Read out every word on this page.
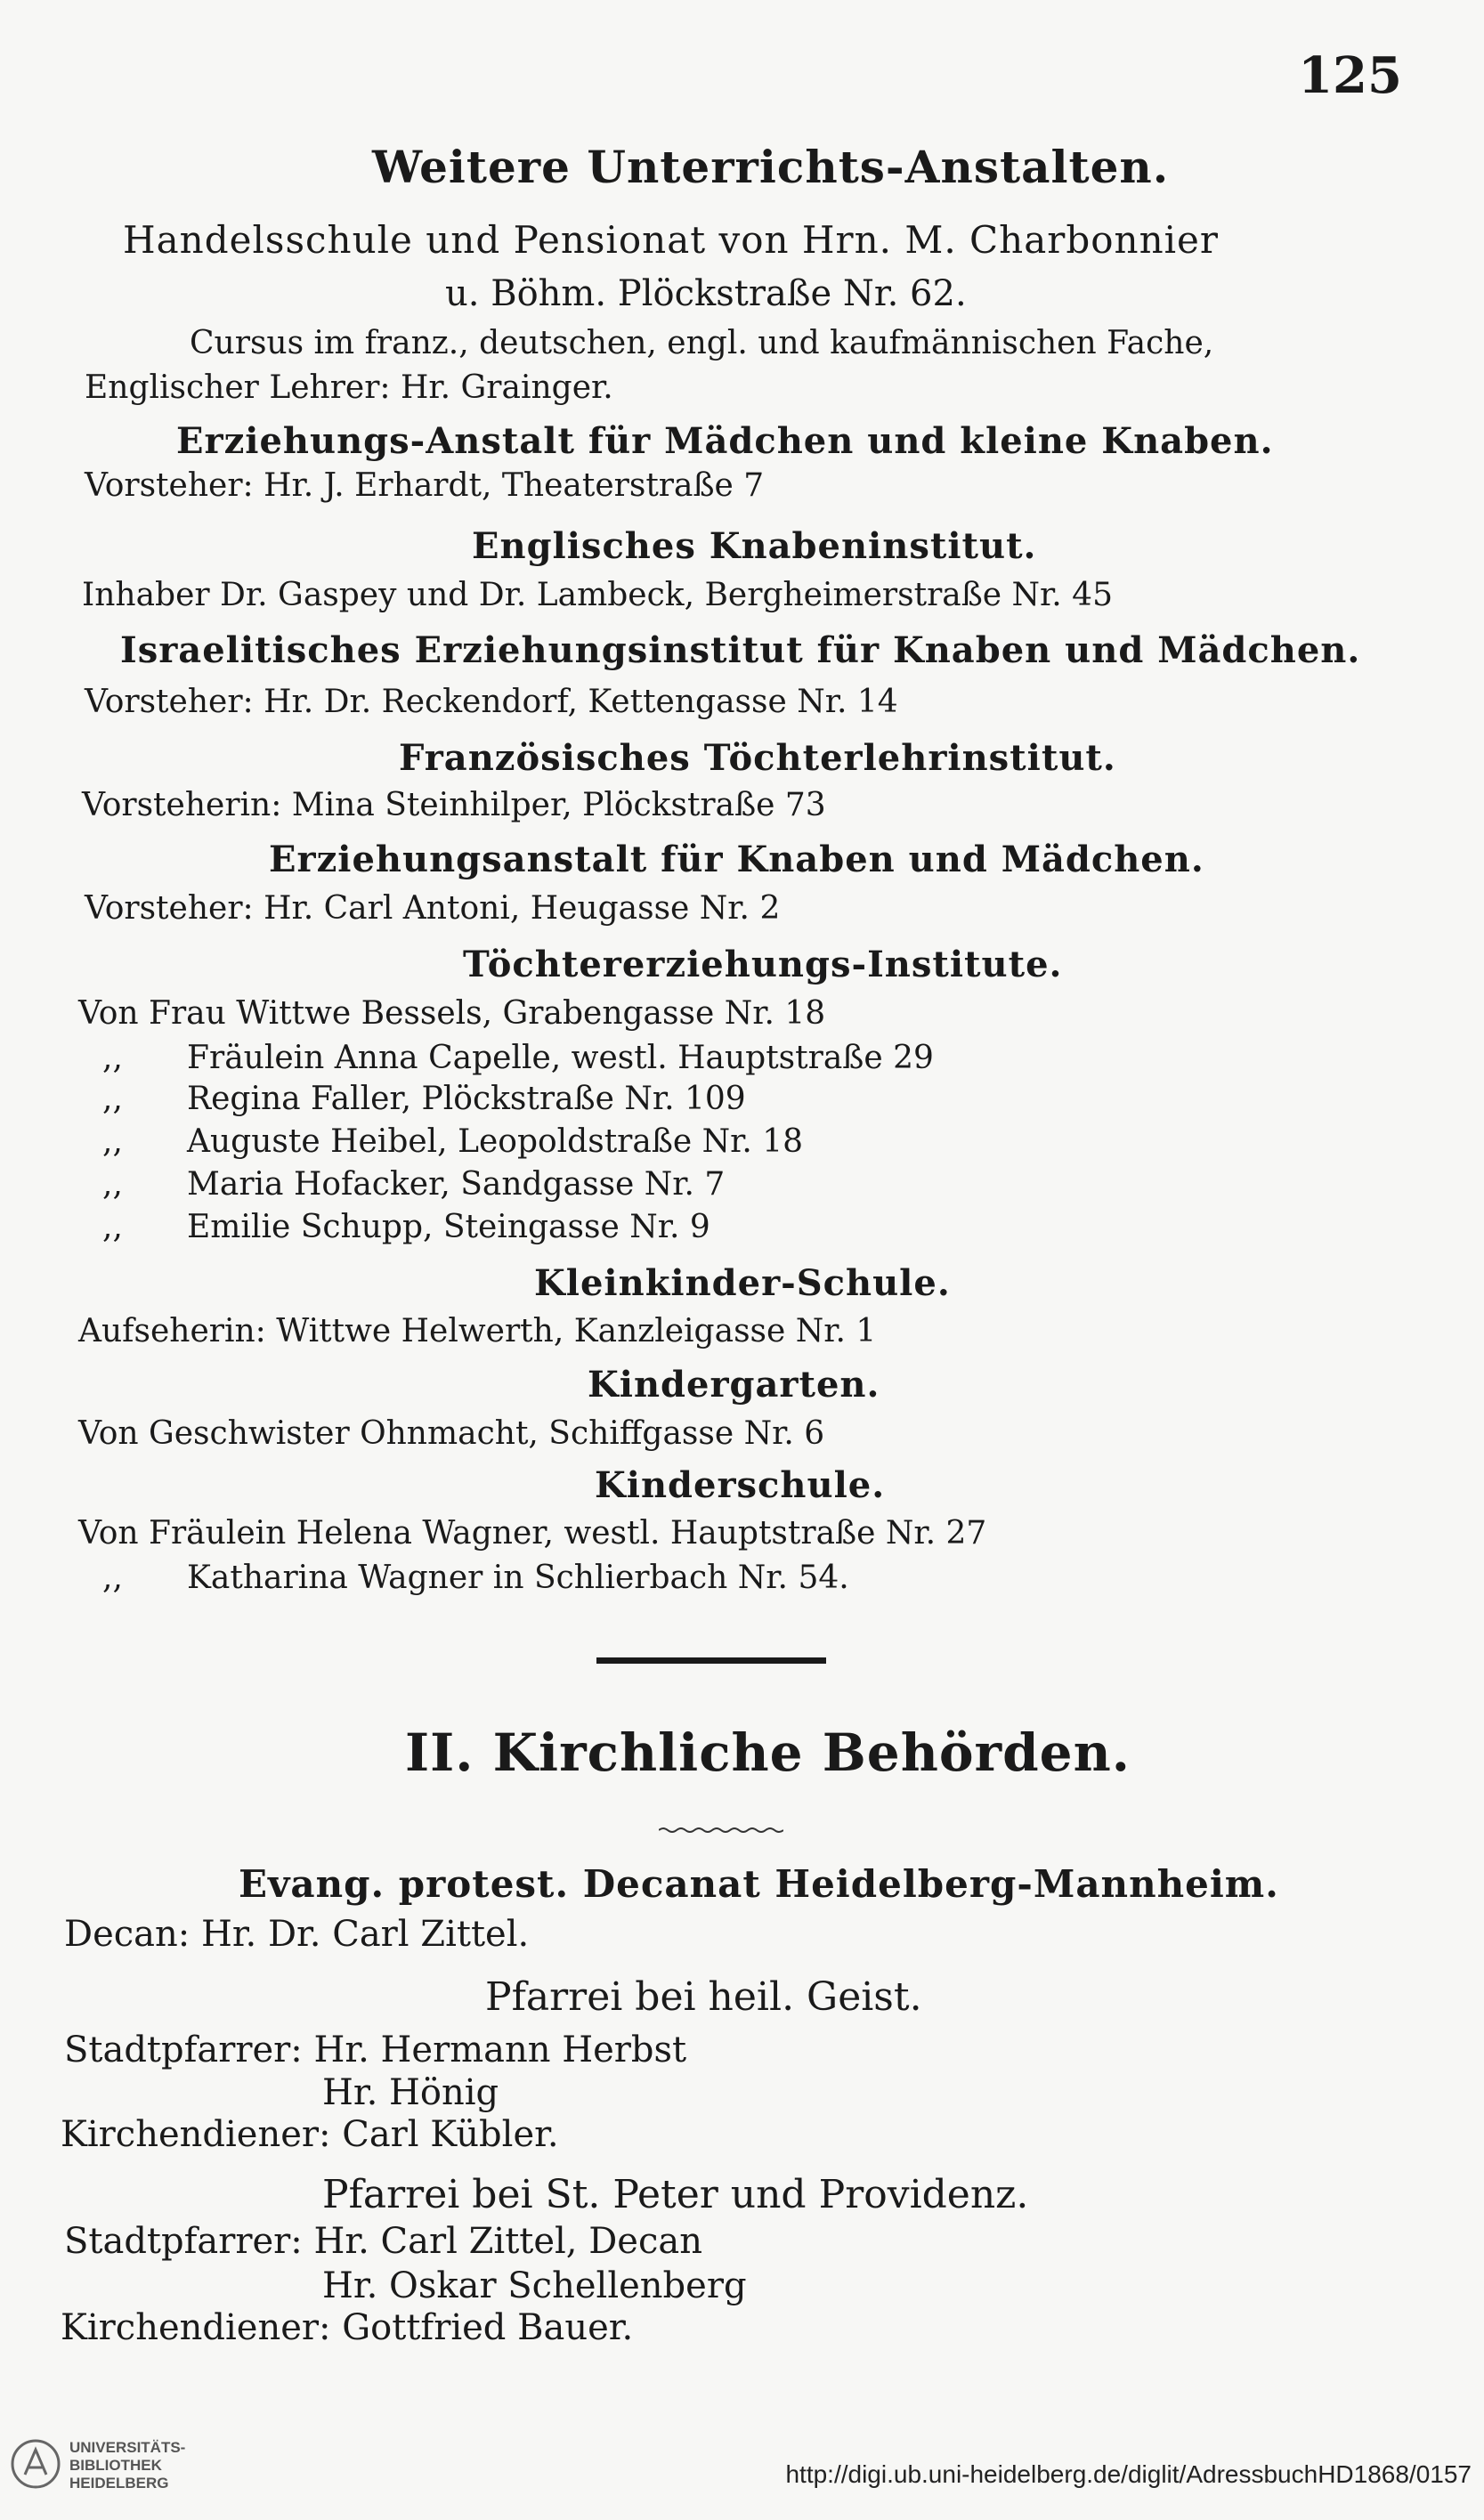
125
Weitere Unterrichts-Anstalten.
Handelsschule und Pensionat von Hrn. M. Charbonnier
u. Böhm. Plöckstraße Nr. 62.
Cursus im franz., deutschen, engl. und kaufmännischen Fache,
Englischer Lehrer: Hr. Grainger.
Erziehungs-Anstalt für Mädchen und kleine Knaben.
Vorsteher: Hr. J. Erhardt, Theaterstraße 7
Englisches Knabeninstitut.
Inhaber Dr. Gaspey und Dr. Lambeck, Bergheimerstraße Nr. 45
Israelitisches Erziehungsinstitut für Knaben und Mädchen.
Vorsteher: Hr. Dr. Reckendorf, Kettengasse Nr. 14
Französisches Töchterlehrinstitut.
Vorsteherin: Mina Steinhilper, Plöckstraße 73
Erziehungsanstalt für Knaben und Mädchen.
Vorsteher: Hr. Carl Antoni, Heugasse Nr. 2
Töchtererziehungs-Institute.
Von Frau Wittwe Bessels, Grabengasse Nr. 18
,, Fräulein Anna Capelle, westl. Hauptstraße 29
,, Regina Faller, Plöckstraße Nr. 109
,, Auguste Heibel, Leopoldstraße Nr. 18
,, Maria Hofacker, Sandgasse Nr. 7
,, Emilie Schupp, Steingasse Nr. 9
Kleinkinder-Schule.
Aufseherin: Wittwe Helwerth, Kanzleigasse Nr. 1
Kindergarten.
Von Geschwister Ohnmacht, Schiffgasse Nr. 6
Kinderschule.
Von Fräulein Helena Wagner, westl. Hauptstraße Nr. 27
,, Katharina Wagner in Schlierbach Nr. 54.
II. Kirchliche Behörden.
Evang. protest. Decanat Heidelberg-Mannheim.
Decan: Hr. Dr. Carl Zittel.
Pfarrei bei heil. Geist.
Stadtpfarrer: Hr. Hermann Herbst
Hr. Hönig
Kirchendiener: Carl Kübler.
Pfarrei bei St. Peter und Providenz.
Stadtpfarrer: Hr. Carl Zittel, Decan
Hr. Oskar Schellenberg
Kirchendiener: Gottfried Bauer.
UNIVERSITÄTS-
BIBLIOTHEK
HEIDELBERG	http://digi.ub.uni-heidelberg.de/diglit/AdressbuchHD1868/0157
